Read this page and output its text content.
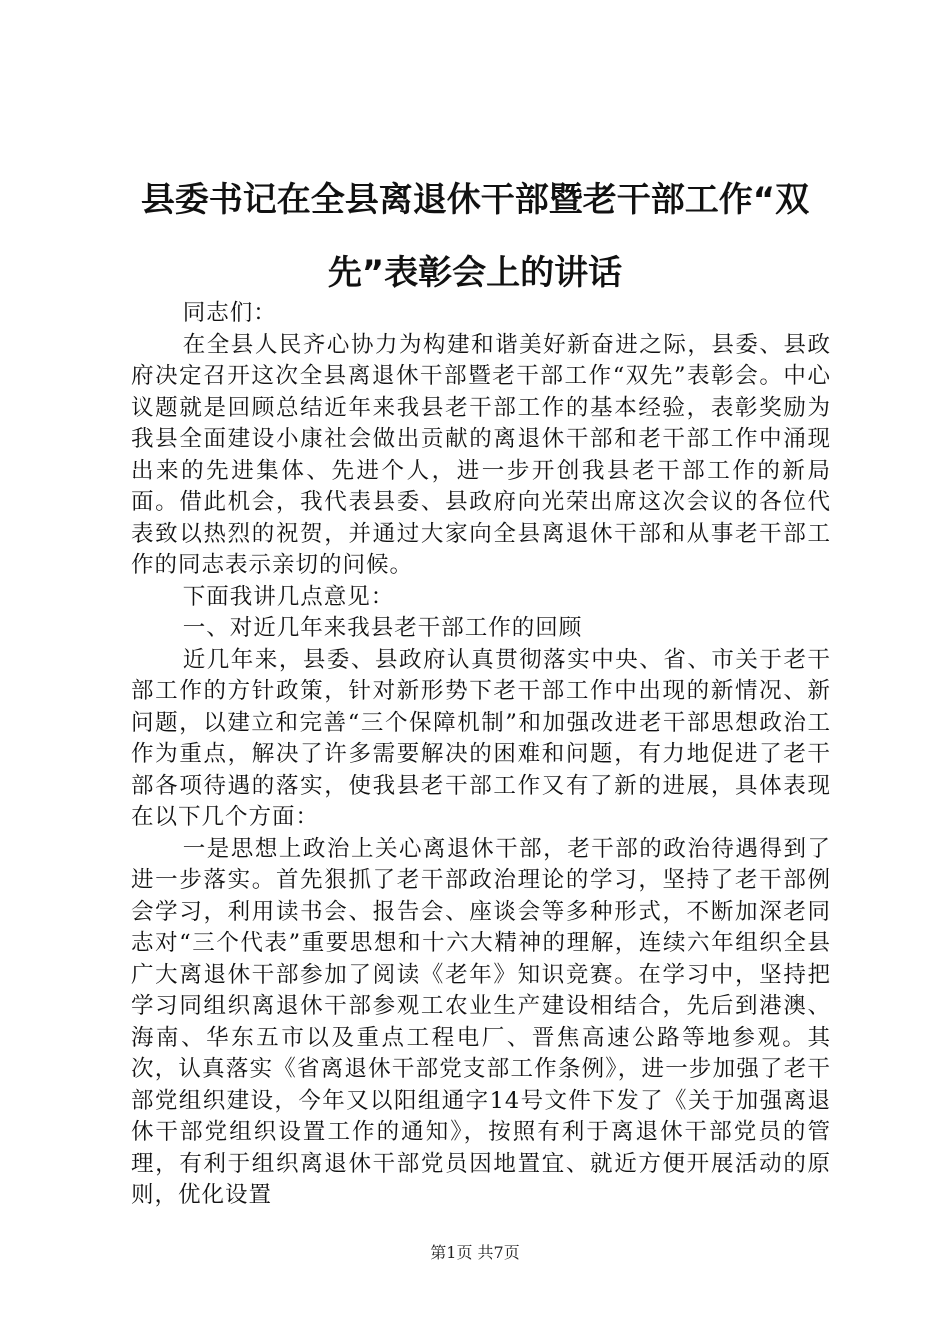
县委书记在全县离退休干部暨老干部工作“双
先”表彰会上的讲话

同志们：

在全县人民齐心协力为构建和谐美好新奋进之际，县委、县政府决定召开这次全县离退休干部暨老干部工作“双先”表彰会。中心议题就是回顾总结近年来我县老干部工作的基本经验，表彰奖励为我县全面建设小康社会做出贡献的离退休干部和老干部工作中涌现出来的先进集体、先进个人，进一步开创我县老干部工作的新局面。借此机会，我代表县委、县政府向光荣出席这次会议的各位代表致以热烈的祝贺，并通过大家向全县离退休干部和从事老干部工作的同志表示亲切的问候。

下面我讲几点意见：

一、对近几年来我县老干部工作的回顾

近几年来，县委、县政府认真贯彻落实中央、省、市关于老干部工作的方针政策，针对新形势下老干部工作中出现的新情况、新问题，以建立和完善“三个保障机制”和加强改进老干部思想政治工作为重点，解决了许多需要解决的困难和问题，有力地促进了老干部各项待遇的落实，使我县老干部工作又有了新的进展，具体表现在以下几个方面：

一是思想上政治上关心离退休干部，老干部的政治待遇得到了进一步落实。首先狠抓了老干部政治理论的学习，坚持了老干部例会学习，利用读书会、报告会、座谈会等多种形式，不断加深老同志对“三个代表”重要思想和十六大精神的理解，连续六年组织全县广大离退休干部参加了阅读《老年》知识竞赛。在学习中，坚持把学习同组织离退休干部参观工农业生产建设相结合，先后到港澳、海南、华东五市以及重点工程电厂、晋焦高速公路等地参观。其次，认真落实《省离退休干部党支部工作条例》，进一步加强了老干部党组织建设，今年又以阳组通字14号文件下发了《关于加强离退休干部党组织设置工作的通知》，按照有利于离退休干部党员的管理，有利于组织离退休干部党员因地置宜、就近方便开展活动的原则，优化设置

第1页 共7页
